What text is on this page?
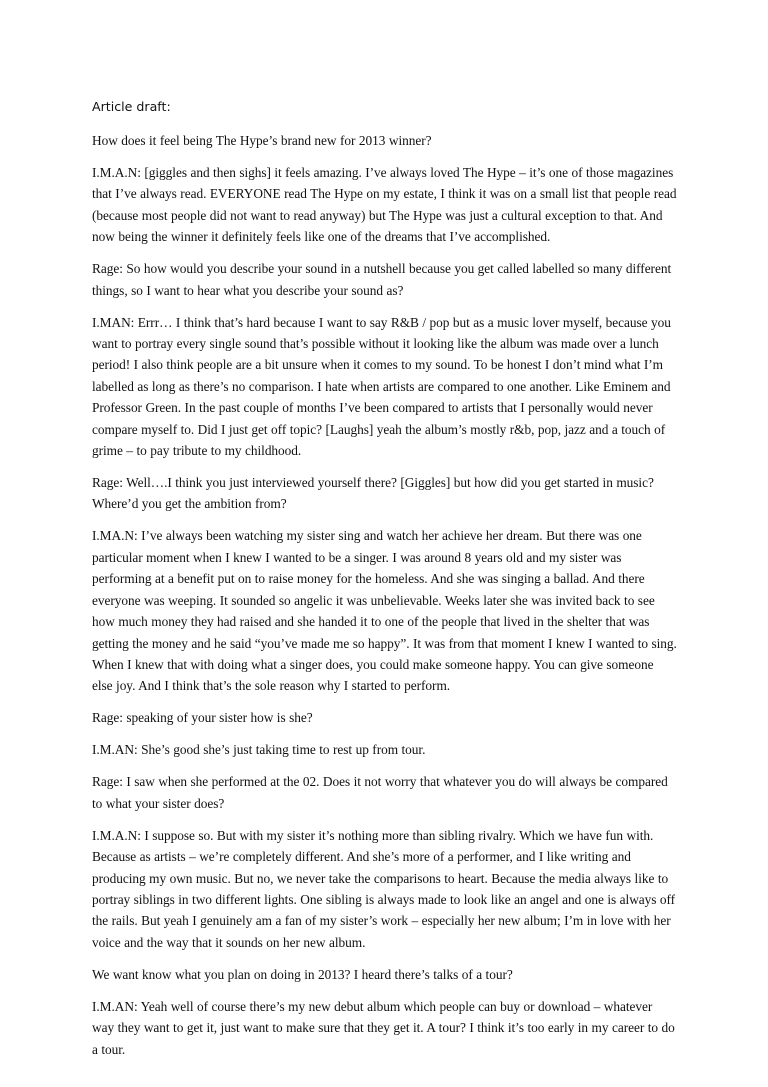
Article draft:

How does it feel being The Hype’s brand new for 2013 winner?

I.M.A.N: [giggles and then sighs] it feels amazing. I’ve always loved The Hype – it’s one of those magazines that I’ve always read. EVERYONE read The Hype on my estate, I think it was on a small list that people read (because most people did not want to read anyway) but The Hype was just a cultural exception to that. And now being the winner it definitely feels like one of the dreams that I’ve accomplished.

Rage: So how would you describe your sound in a nutshell because you get called labelled so many different things, so I want to hear what you describe your sound as?

I.MAN: Errr… I think that’s hard because I want to say R&B / pop but as a music lover myself, because you want to portray every single sound that’s possible without it looking like the album was made over a lunch period! I also think people are a bit unsure when it comes to my sound. To be honest I don’t mind what I’m labelled as long as there’s no comparison. I hate when artists are compared to one another. Like Eminem and Professor Green. In the past couple of months I’ve been compared to artists that I personally would never compare myself to. Did I just get off topic? [Laughs] yeah the album’s mostly r&b, pop, jazz and a touch of grime – to pay tribute to my childhood.

Rage: Well….I think you just interviewed yourself there? [Giggles] but how did you get started in music? Where’d you get the ambition from?

I.MA.N: I’ve always been watching my sister sing and watch her achieve her dream. But there was one particular moment when I knew I wanted to be a singer. I was around 8 years old and my sister was performing at a benefit put on to raise money for the homeless. And she was singing a ballad. And there everyone was weeping. It sounded so angelic it was unbelievable. Weeks later she was invited back to see how much money they had raised and she handed it to one of the people that lived in the shelter that was getting the money and he said “you’ve made me so happy”. It was from that moment I knew I wanted to sing. When I knew that with doing what a singer does, you could make someone happy. You can give someone else joy. And I think that’s the sole reason why I started to perform.

Rage: speaking of your sister how is she?

I.M.AN: She’s good she’s just taking time to rest up from tour.

Rage: I saw when she performed at the 02. Does it not worry that whatever you do will always be compared to what your sister does?

I.M.A.N: I suppose so. But with my sister it’s nothing more than sibling rivalry. Which we have fun with. Because as artists – we’re completely different. And she’s more of a performer, and I like writing and producing my own music. But no, we never take the comparisons to heart. Because the media always like to portray siblings in two different lights. One sibling is always made to look like an angel and one is always off the rails. But yeah I genuinely am a fan of my sister’s work – especially her new album; I’m in love with her voice and the way that it sounds on her new album.

We want know what you plan on doing in 2013? I heard there’s talks of a tour?

I.M.AN: Yeah well of course there’s my new debut album which people can buy or download – whatever way they want to get it, just want to make sure that they get it. A tour? I think it’s too early in my career to do a tour.
